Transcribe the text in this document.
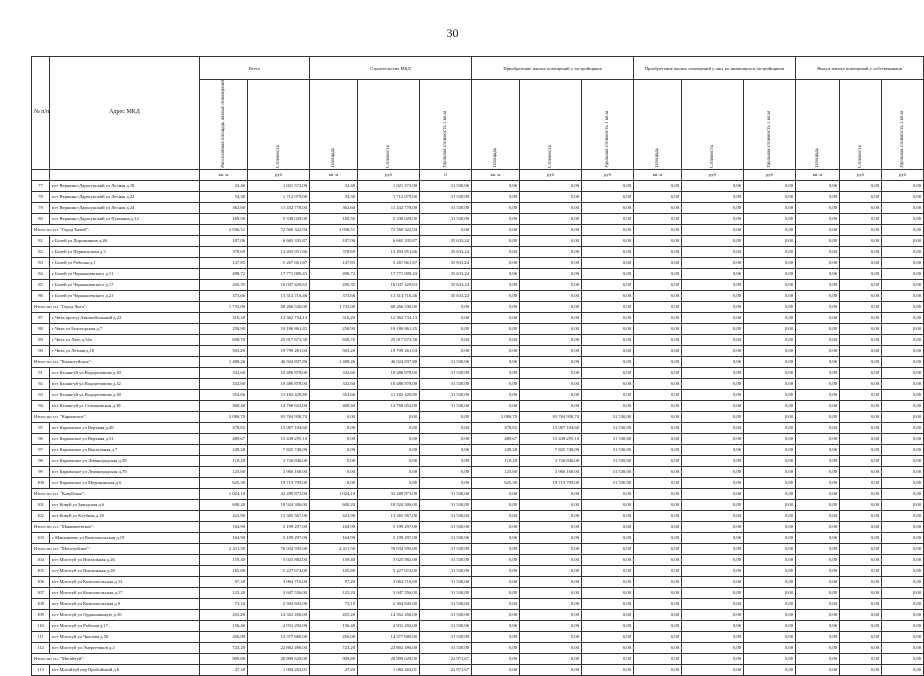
30
№ п/п	Адрес МКД	Всего		Строительство МКД			Приобретение жилых помещений у застройщиков			Приобретение жилых помещений у лиц, не являющихся застройщиком			Выкуп жилых помещений у собственников		
		Расселяемая площадь жилых помещений	Стоимость	Площадь	Стоимость	Удельная стоимость 1 кв.м	Площадь	Стоимость	Удельная стоимость 1 кв.м	Площадь	Стоимость	Удельная стоимость 1 кв.м	Площадь	Стоимость	Удельная стоимость 1 кв.м
		кв. м	руб	кв. м	руб	0	кв. м	руб	руб	кв. м	руб	руб	кв. м	руб	руб
77	пгт Вершино-Дарасунский ул Лесная д.18	32,40	1 021 572,00	32,40	1 021 572,00	31 530,00	0,00	0,00	0,00	0,00	0,00	0,00	0,00	0,00	0,00
78	пгт Вершино-Дарасунский ул Лесная д.22	54,30	1 712 079,00	54,30	1 712 079,00	31 530,00	0,00	0,00	0,00	0,00	0,00	0,00	0,00	0,00	0,00
79	пгт Вершино-Дарасунский ул Лесная д.24	362,60	11 432 778,00	362,60	11 432 778,00	31 530,00	0,00	0,00	0,00	0,00	0,00	0,00	0,00	0,00	0,00
80	пгт Вершино-Дарасунский ул Пушкина д.12	169,50	5 338 029,00	169,50	5 338 029,00	31 530,00	0,00	0,00	0,00	0,00	0,00	0,00	0,00	0,00	0,00
Итого по г.п. "Город Балей":		2 036,51	72 560 322,94	2 036,51	72 560 322,94	0,00	0,00	0,00	0,00	0,00	0,00	0,00	0,00	0,00	0,00
81	г Балей ул Дорожников д.26	187,06	6 665 335,87	187,06	6 665 335,87	35 633,24	0,00	0,00	0,00	0,00	0,00	0,00	0,00	0,00	0,00
82	г Балей ул Первопутная д.3	378,69	13 493 951,66	378,69	13 493 951,66	35 633,24	0,00	0,00	0,00	0,00	0,00	0,00	0,00	0,00	0,00
83	г Балей ул Рабочая д.1	147,85	5 267 661,87	147,85	5 267 661,87	35 633,24	0,00	0,00	0,00	0,00	0,00	0,00	0,00	0,00	0,00
84	г Балей ул Чернышевского д.11	498,72	17 771 009,43	498,72	17 771 009,43	35 633,24	0,00	0,00	0,00	0,00	0,00	0,00	0,00	0,00	0,00
85	г Балей ул Чернышевского д.17	450,35	16 047 429,63	450,35	16 047 429,63	35 633,24	0,00	0,00	0,00	0,00	0,00	0,00	0,00	0,00	0,00
86	г Балей ул Чернышевского д.21	373,66	13 314 716,46	373,66	13 314 716,46	35 633,24	0,00	0,00	0,00	0,00	0,00	0,00	0,00	0,00	0,00
Итого по г.п. "Город Чита":		1 735,00	68 266 530,00	1 735,00	68 266 530,00	0,00	0,00	0,00	0,00	0,00	0,00	0,00	0,00	0,00	0,00
87	г Чита проезд Автомобильный д.22	316,20	12 362 734,13	316,20	12 362 734,13	0,00	0,00	0,00	0,00	0,00	0,00	0,00	0,00	0,00	0,00
88	г Чита ул Белогорская д.7	258,90	10 186 861,45	258,90	10 186 861,45	0,00	0,00	0,00	0,00	0,00	0,00	0,00	0,00	0,00	0,00
89	г Чита ул Лазо д.54а	658,70	25 917 673,38	658,70	25 917 673,38	0,00	0,00	0,00	0,00	0,00	0,00	0,00	0,00	0,00	0,00
90	г Чита ул Летная д.10	503,20	19 799 261,04	503,20	19 799 261,04	0,00	0,00	0,00	0,00	0,00	0,00	0,00	0,00	0,00	0,00
Итого по г.п. "Калангуйское":		1 488,26	46 924 837,80	1 488,26	46 924 837,80	31 530,00	0,00	0,00	0,00	0,00	0,00	0,00	0,00	0,00	0,00
91	пгт Калангуй ул Водорезовова д.30	332,60	10 486 878,00	332,60	10 486 878,00	31 530,00	0,00	0,00	0,00	0,00	0,00	0,00	0,00	0,00	0,00
92	пгт Калангуй ул Водорезовова д.32	332,60	10 486 878,00	332,60	10 486 878,00	31 530,00	0,00	0,00	0,00	0,00	0,00	0,00	0,00	0,00	0,00
93	пгт Калангуй ул Водорезовова д.38	354,66	11 182 429,80	354,66	11 182 429,80	31 530,00	0,00	0,00	0,00	0,00	0,00	0,00	0,00	0,00	0,00
94	пгт Калангуй ул Стахановская д.38	468,40	14 768 652,00	468,40	14 768 652,00	31 530,00	0,00	0,00	0,00	0,00	0,00	0,00	0,00	0,00	0,00
Итого по г.п. "Карымское":		2 086,79	65 764 958,70	0,00	0,00	0,00	2 086,79	65 764 958,70	31 530,00	0,00	0,00	0,00	0,00	0,00	0,00
95	пгт Карымское ул Верхняя д.49	478,82	15 097 194,60	0,00	0,00	0,00	478,82	15 097 194,60	31 530,00	0,00	0,00	0,00	0,00	0,00	0,00
96	пгт Карымское ул Верхняя д.51	489,67	15 439 295,10	0,00	0,00	0,00	489,67	15 439 295,10	31 530,00	0,00	0,00	0,00	0,00	0,00	0,00
97	пгт Карымское ул Вокзальная д.7	249,28	7 825 740,00	0,00	0,00	0,00	249,28	7 825 740,00	31 530,00	0,00	0,00	0,00	0,00	0,00	0,00
98	пгт Карымское ул Ленинградская д.59	118,20	3 726 846,00	0,00	0,00	0,00	118,20	3 726 846,00	31 530,00	0,00	0,00	0,00	0,00	0,00	0,00
99	пгт Карымское ул Ленинградская д.70	125,60	3 960 168,00	0,00	0,00	0,00	125,60	3 960 168,00	31 530,00	0,00	0,00	0,00	0,00	0,00	0,00
100	пгт Карымское ул Медицинская д.6	625,30	19 715 709,00	0,00	0,00	0,00	625,30	19 715 709,00	31 530,00	0,00	0,00	0,00	0,00	0,00	0,00
Итого по г.п. "Ковуйское":		1 024,10	32 289 873,00	1 024,10	32 289 873,00	31 530,00	0,00	0,00	0,00	0,00	0,00	0,00	0,00	0,00	0,00
101	пгт Ковуй ул Заводская д.6	600,20	18 924 306,00	600,20	18 924 306,00	31 530,00	0,00	0,00	0,00	0,00	0,00	0,00	0,00	0,00	0,00
102	пгт Ковуй ул Клубная д.18	423,90	13 365 567,00	423,90	13 365 567,00	31 530,00	0,00	0,00	0,00	0,00	0,00	0,00	0,00	0,00	0,00
Итого по г.п. "Маккавеевское":		164,90	5 199 297,00	164,90	5 199 297,00	31 530,00	0,00	0,00	0,00	0,00	0,00	0,00	0,00	0,00	0,00
103	с Маккавеево ул Комсомольская д.19	164,90	5 199 297,00	164,90	5 199 297,00	31 530,00	0,00	0,00	0,00	0,00	0,00	0,00	0,00	0,00	0,00
Итого по г.п. "Моготуйское":		2 411,50	76 034 595,00	2 411,50	76 034 595,00	31 530,00	0,00	0,00	0,00	0,00	0,00	0,00	0,00	0,00	0,00
104	пгт Моготуй ул Вокзальная д.26	159,40	5 025 882,00	159,40	5 025 882,00	31 530,00	0,00	0,00	0,00	0,00	0,00	0,00	0,00	0,00	0,00
105	пгт Моготуй ул Вокзальная д.28	165,80	5 227 674,00	165,80	5 227 674,00	31 530,00	0,00	0,00	0,00	0,00	0,00	0,00	0,00	0,00	0,00
106	пгт Моготуй ул Комсомольская д.13	97,20	3 064 716,00	97,20	3 064 716,00	31 530,00	0,00	0,00	0,00	0,00	0,00	0,00	0,00	0,00	0,00
107	пгт Моготуй ул Комсомольская д.17	125,20	3 947 556,00	125,20	3 947 556,00	31 530,00	0,00	0,00	0,00	0,00	0,00	0,00	0,00	0,00	0,00
108	пгт Моготуй ул Комсомольская д.9	73,10	2 304 843,00	73,10	2 304 843,00	31 530,00	0,00	0,00	0,00	0,00	0,00	0,00	0,00	0,00	0,00
109	пгт Моготуй ул Орджоникидзе д.10	455,20	14 352 456,00	455,20	14 352 456,00	31 530,00	0,00	0,00	0,00	0,00	0,00	0,00	0,00	0,00	0,00
110	пгт Моготуй ул Рабочая д.17	156,40	4 931 292,00	156,40	4 931 292,00	31 530,00	0,00	0,00	0,00	0,00	0,00	0,00	0,00	0,00	0,00
111	пгт Моготуй ул Чкалова д.50	456,00	14 377 680,00	456,00	14 377 680,00	31 530,00	0,00	0,00	0,00	0,00	0,00	0,00	0,00	0,00	0,00
112	пгт Моготуй ул Энергетиков д.2	723,20	22 802 496,00	723,20	22 802 496,00	31 530,00	0,00	0,00	0,00	0,00	0,00	0,00	0,00	0,00	0,00
Итого по г.п. "Могойтуй":		909,80	20 899 629,00	909,80	20 899 629,00	22 971,67	0,00	0,00	0,00	0,00	0,00	0,00	0,00	0,00	0,00
113	пгт Могойтуй пер Пробойский д.6	47,20	1 084 263,01	47,20	1 084 263,01	22 971,67	0,00	0,00	0,00	0,00	0,00	0,00	0,00	0,00	0,00
